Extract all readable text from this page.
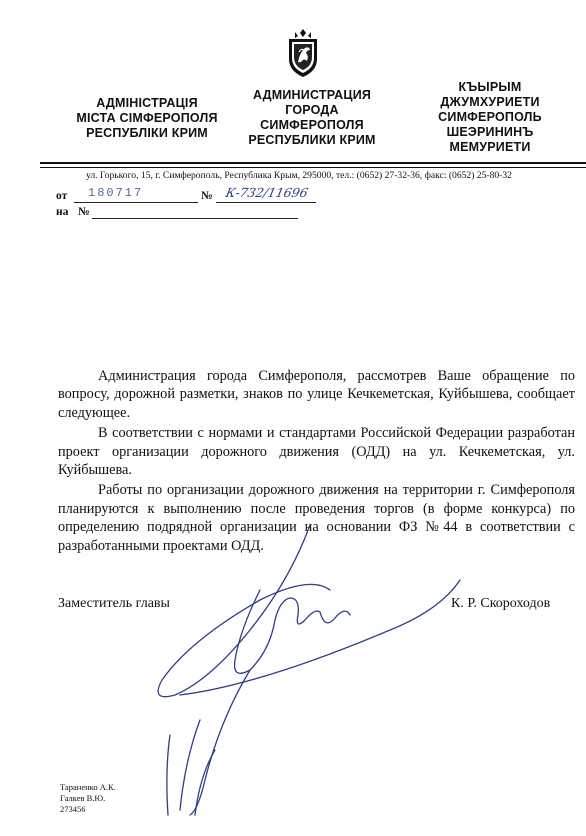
АДМІНІСТРАЦІЯ
МІСТА СІМФЕРОПОЛЯ
РЕСПУБЛІКИ КРИМ
АДМИНИСТРАЦИЯ
ГОРОДА
СИМФЕРОПОЛЯ
РЕСПУБЛИКИ КРИМ
КЪЫРЫМ
ДЖУМХУРИЕТИ
СИМФЕРОПОЛЬ
ШЕЭРИНИНЪ
МЕМУРИЕТИ
ул. Горького, 15, г. Симферополь, Республика Крым, 295000, тел.: (0652) 27-32-36, факс: (0652) 25-80-32
от 180717	№ К-732/11696
на №

Администрация города Симферополя, рассмотрев Ваше обращение по вопросу, дорожной разметки, знаков по улице Кечкеметская, Куйбышева, сообщает следующее.

В соответствии с нормами и стандартами Российской Федерации разработан проект организации дорожного движения (ОДД) на ул. Кечкеметская, ул. Куйбышева.

Работы по организации дорожного движения на территории г. Симферополя планируются к выполнению после проведения торгов (в форме конкурса) по определению подрядной организации на основании ФЗ №44 в соответствии с разработанными проектами ОДД.

Заместитель главы	К. Р. Скороходов
Тараненко А.К.
Галкев В.Ю.
273456
